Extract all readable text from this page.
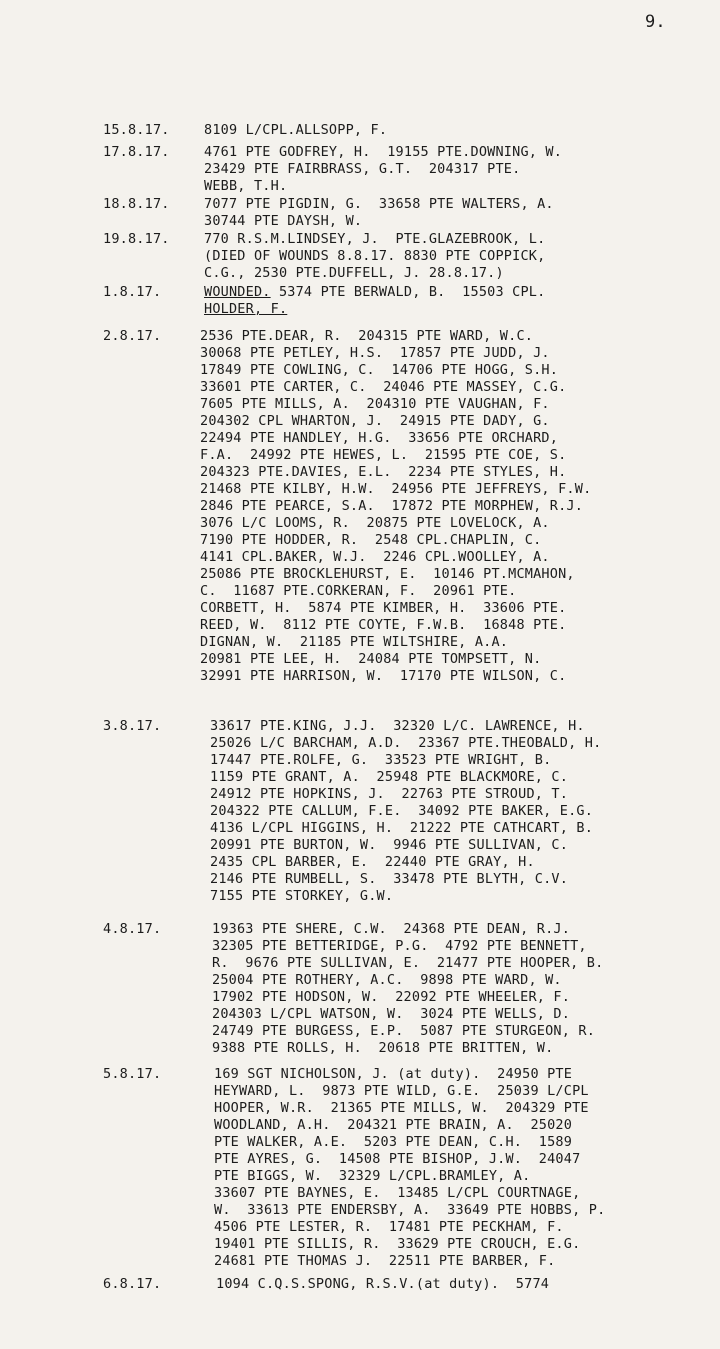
9.
15.8.17.	8109 L/CPL.ALLSOPP, F.
17.8.17.	4761 PTE GODFREY, H.  19155 PTE.DOWNING, W.
23429 PTE FAIRBRASS, G.T.  204317 PTE.
WEBB, T.H.
18.8.17.	7077 PTE PIGDIN, G.  33658 PTE WALTERS, A.
30744 PTE DAYSH, W.
19.8.17.	770 R.S.M.LINDSEY, J.  PTE.GLAZEBROOK, L.
(DIED OF WOUNDS 8.8.17. 8830 PTE COPPICK,
C.G., 2530 PTE.DUFFELL, J. 28.8.17.)
1.8.17.	WOUNDED. 5374 PTE BERWALD, B.  15503 CPL.
HOLDER, F.
2.8.17.	2536 PTE.DEAR, R.  204315 PTE WARD, W.C.
30068 PTE PETLEY, H.S.  17857 PTE JUDD, J.
17849 PTE COWLING, C.  14706 PTE HOGG, S.H.
33601 PTE CARTER, C.  24046 PTE MASSEY, C.G.
7605 PTE MILLS, A.  204310 PTE VAUGHAN, F.
204302 CPL WHARTON, J.  24915 PTE DADY, G.
22494 PTE HANDLEY, H.G.  33656 PTE ORCHARD,
F.A.  24992 PTE HEWES, L.  21595 PTE COE, S.
204323 PTE.DAVIES, E.L.  2234 PTE STYLES, H.
21468 PTE KILBY, H.W.  24956 PTE JEFFREYS, F.W.
2846 PTE PEARCE, S.A.  17872 PTE MORPHEW, R.J.
3076 L/C LOOMS, R.  20875 PTE LOVELOCK, A.
7190 PTE HODDER, R.  2548 CPL.CHAPLIN, C.
4141 CPL.BAKER, W.J.  2246 CPL.WOOLLEY, A.
25086 PTE BROCKLEHURST, E.  10146 PT.MCMAHON,
C.  11687 PTE.CORKERAN, F.  20961 PTE.
CORBETT, H.  5874 PTE KIMBER, H.  33606 PTE.
REED, W.  8112 PTE COYTE, F.W.B.  16848 PTE.
DIGNAN, W.  21185 PTE WILTSHIRE, A.A.
20981 PTE LEE, H.  24084 PTE TOMPSETT, N.
32991 PTE HARRISON, W.  17170 PTE WILSON, C.
3.8.17.	33617 PTE.KING, J.J.  32320 L/C. LAWRENCE, H.
25026 L/C BARCHAM, A.D.  23367 PTE.THEOBALD, H.
17447 PTE.ROLFE, G.  33523 PTE WRIGHT, B.
1159 PTE GRANT, A.  25948 PTE BLACKMORE, C.
24912 PTE HOPKINS, J.  22763 PTE STROUD, T.
204322 PTE CALLUM, F.E.  34092 PTE BAKER, E.G.
4136 L/CPL HIGGINS, H.  21222 PTE CATHCART, B.
20991 PTE BURTON, W.  9946 PTE SULLIVAN, C.
2435 CPL BARBER, E.  22440 PTE GRAY, H.
2146 PTE RUMBELL, S.  33478 PTE BLYTH, C.V.
7155 PTE STORKEY, G.W.
4.8.17.	19363 PTE SHERE, C.W.  24368 PTE DEAN, R.J.
32305 PTE BETTERIDGE, P.G.  4792 PTE BENNETT,
R.  9676 PTE SULLIVAN, E.  21477 PTE HOOPER, B.
25004 PTE ROTHERY, A.C.  9898 PTE WARD, W.
17902 PTE HODSON, W.  22092 PTE WHEELER, F.
204303 L/CPL WATSON, W.  3024 PTE WELLS, D.
24749 PTE BURGESS, E.P.  5087 PTE STURGEON, R.
9388 PTE ROLLS, H.  20618 PTE BRITTEN, W.
5.8.17.	169 SGT NICHOLSON, J. (at duty).  24950 PTE
HEYWARD, L.  9873 PTE WILD, G.E.  25039 L/CPL
HOOPER, W.R.  21365 PTE MILLS, W.  204329 PTE
WOODLAND, A.H.  204321 PTE BRAIN, A.  25020
PTE WALKER, A.E.  5203 PTE DEAN, C.H.  1589
PTE AYRES, G.  14508 PTE BISHOP, J.W.  24047
PTE BIGGS, W.  32329 L/CPL.BRAMLEY, A.
33607 PTE BAYNES, E.  13485 L/CPL COURTNAGE,
W.  33613 PTE ENDERSBY, A.  33649 PTE HOBBS, P.
4506 PTE LESTER, R.  17481 PTE PECKHAM, F.
19401 PTE SILLIS, R.  33629 PTE CROUCH, E.G.
24681 PTE THOMAS J.  22511 PTE BARBER, F.
6.8.17.	1094 C.Q.S.SPONG, R.S.V.(at duty).  5774
